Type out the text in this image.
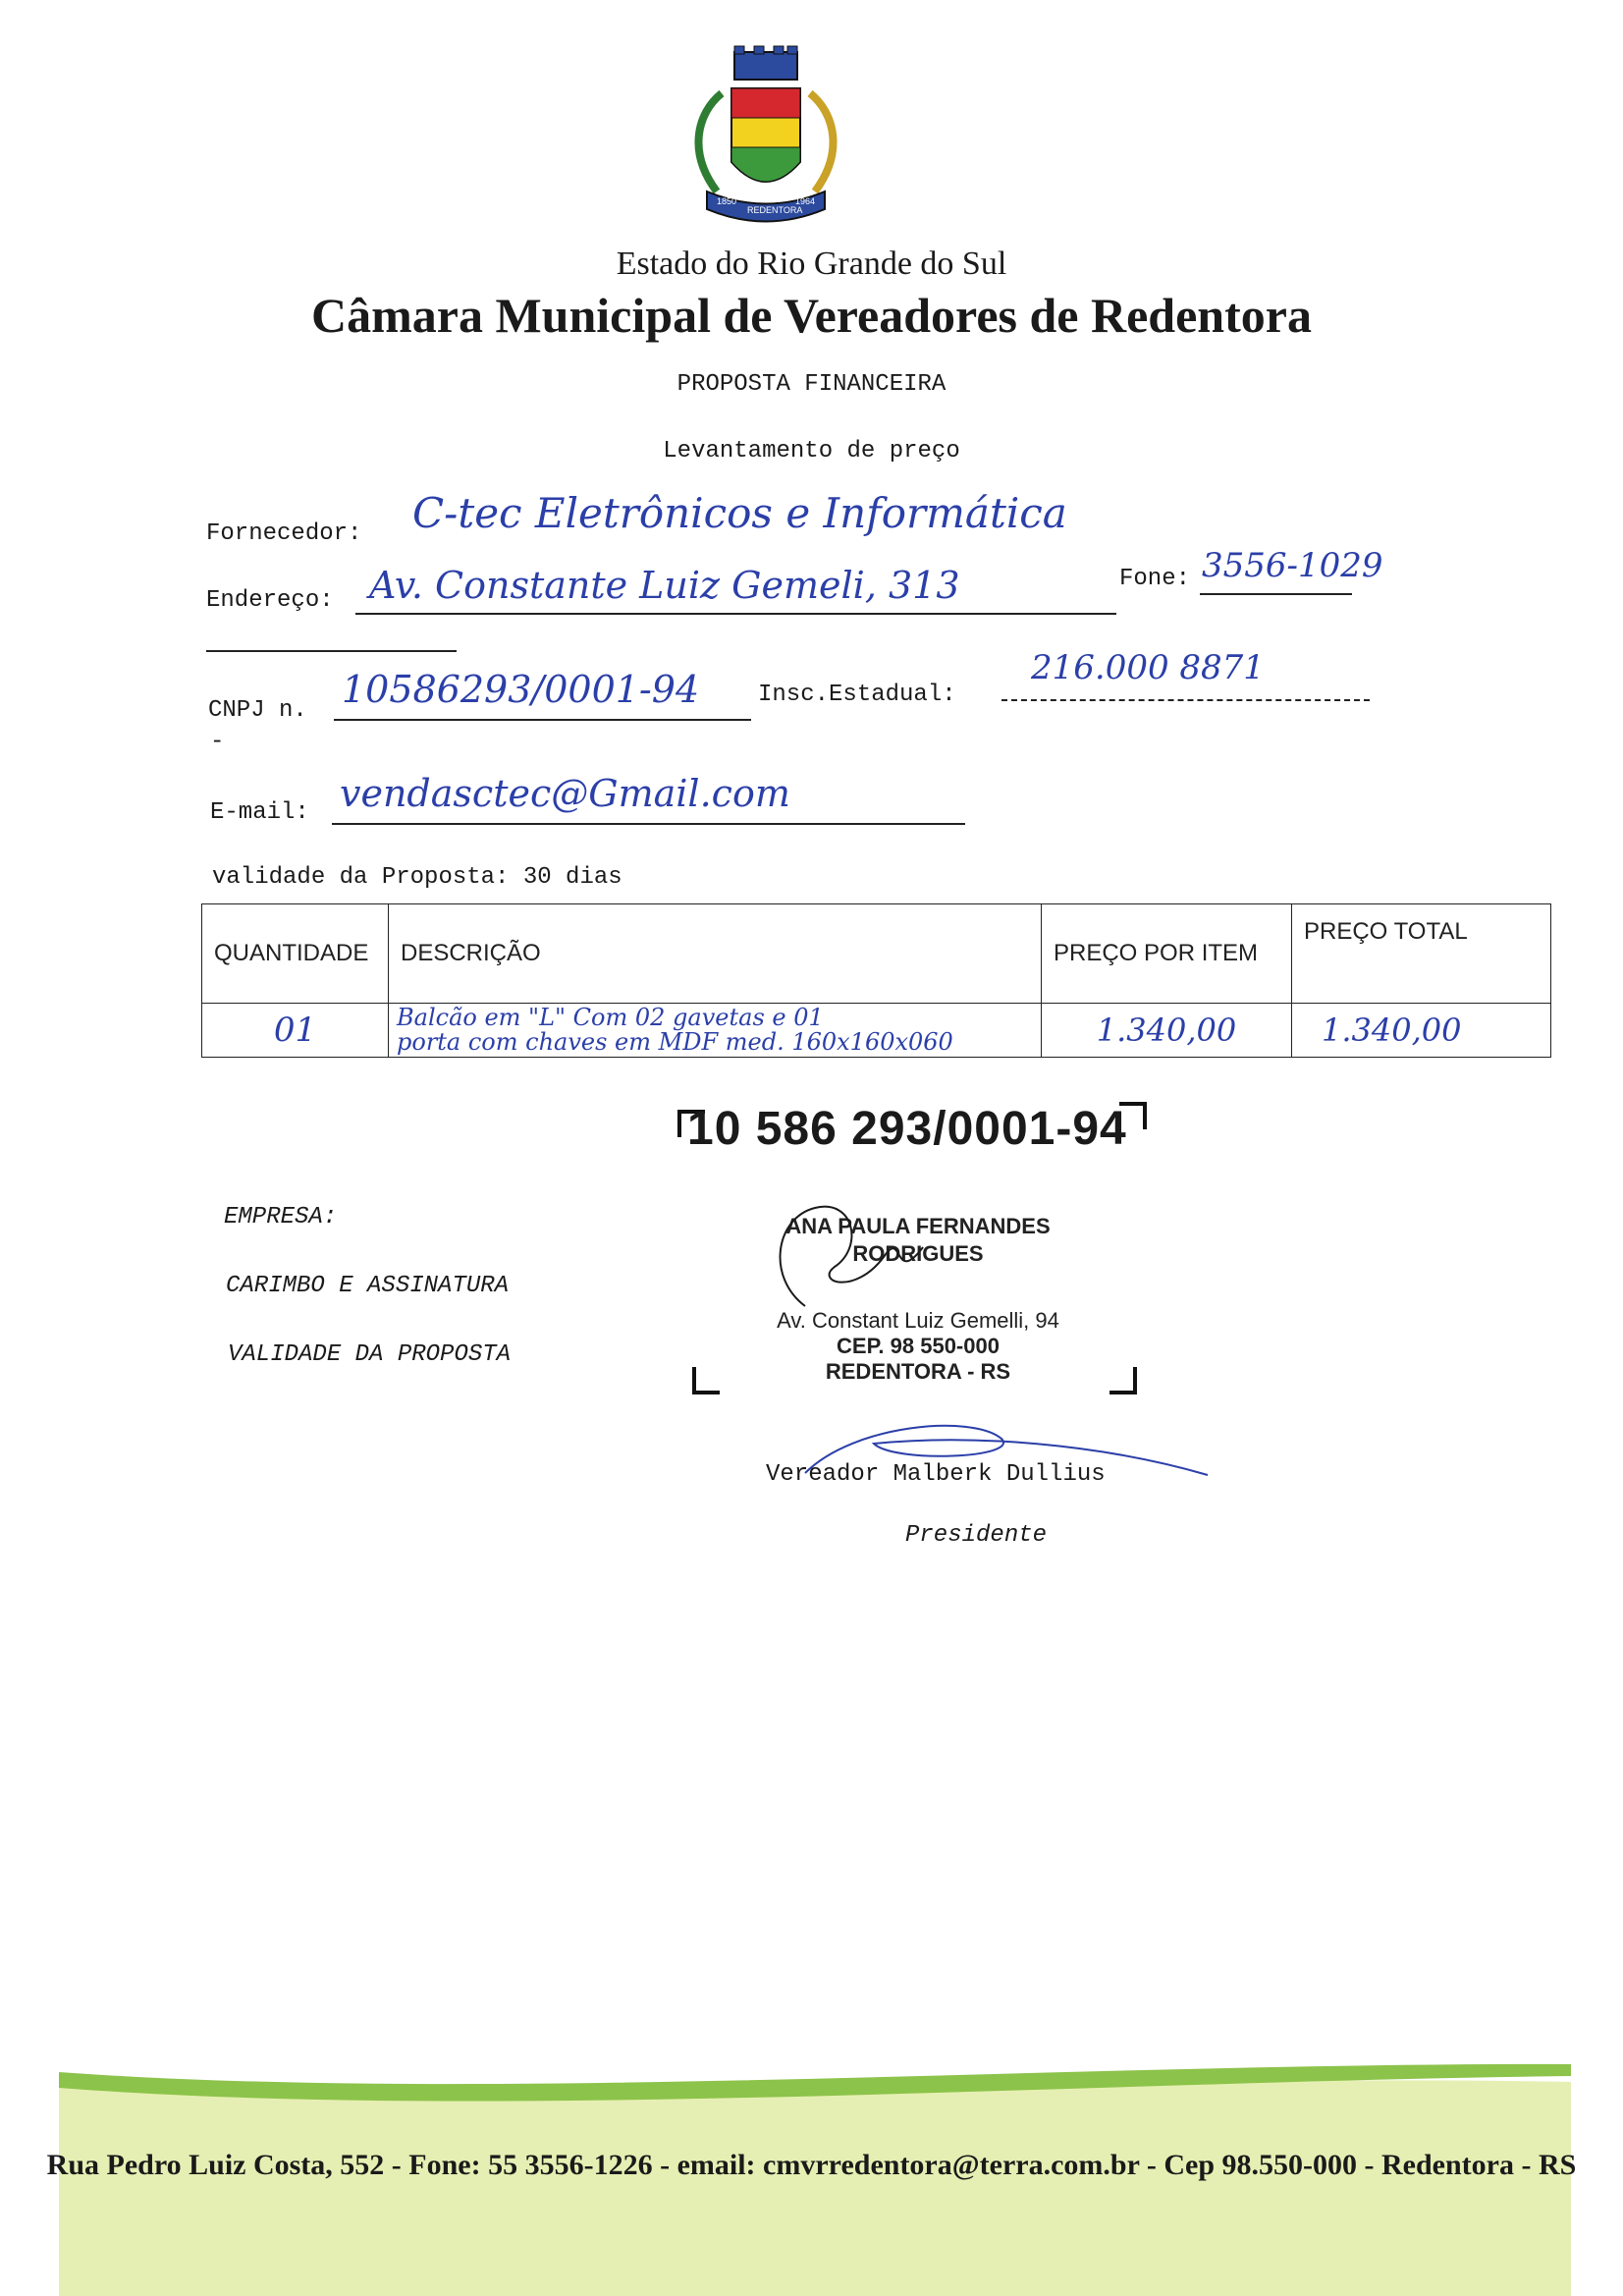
1850
REDENTORA
1964
Estado do Rio Grande do Sul
Câmara Municipal de Vereadores de Redentora
PROPOSTA FINANCEIRA
Levantamento de preço
Fornecedor: C-tec Eletrônicos e Informática
Endereço: Av. Constante Luiz Gemeli, 313	Fone: 3556-1029
CNPJ n. 10586293/0001-94 Insc.Estadual:
216.000 8871
-
E-mail: vendasctec@Gmail.com
validade da Proposta: 30 dias
QUANTIDADE	DESCRIÇÃO	PREÇO POR ITEM	PREÇO TOTAL
01	Balcão em "L" Com 02 gavetas e 01
porta com chaves em MDF med. 160x160x060	1.340,00	1.340,00
10 586 293/0001-94
ANA PAULA FERNANDES
RODRIGUES
Av. Constant Luiz Gemelli, 94
CEP. 98 550-000
REDENTORA - RS
EMPRESA:
CARIMBO E ASSINATURA
VALIDADE DA PROPOSTA
Vereador Malberk Dullius
Presidente
Rua Pedro Luiz Costa, 552 - Fone: 55 3556-1226 - email: cmvrredentora@terra.com.br - Cep 98.550-000 - Redentora - RS
